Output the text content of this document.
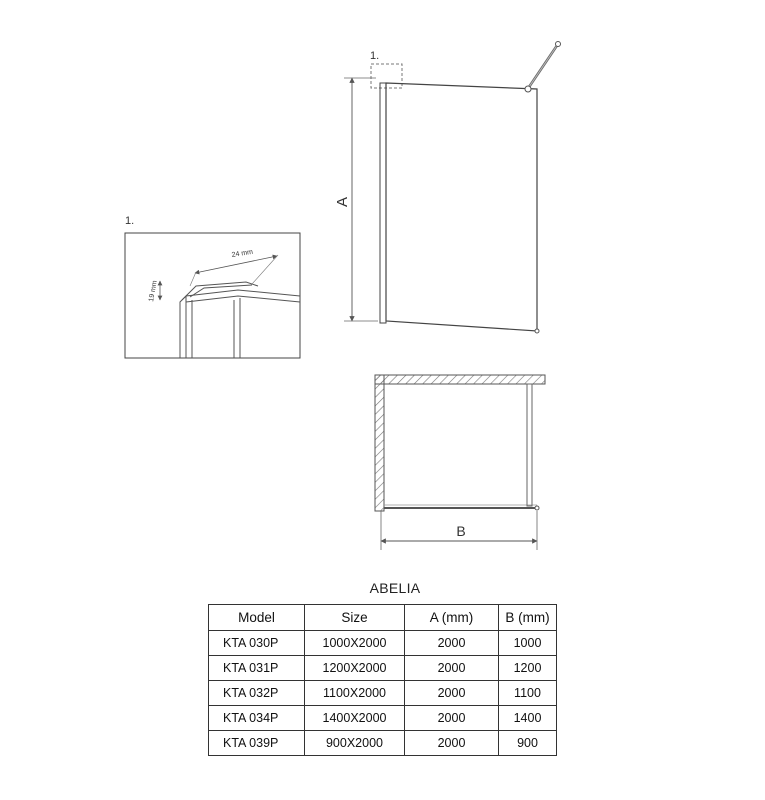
1.
24 mm
19 mm
1.
A
B
ABELIA
Model	Size	A (mm)	B (mm)
KTA 030P	1000X2000	2000	1000
KTA 031P	1200X2000	2000	1200
KTA 032P	1100X2000	2000	1100
KTA 034P	1400X2000	2000	1400
KTA 039P	900X2000	2000	900
